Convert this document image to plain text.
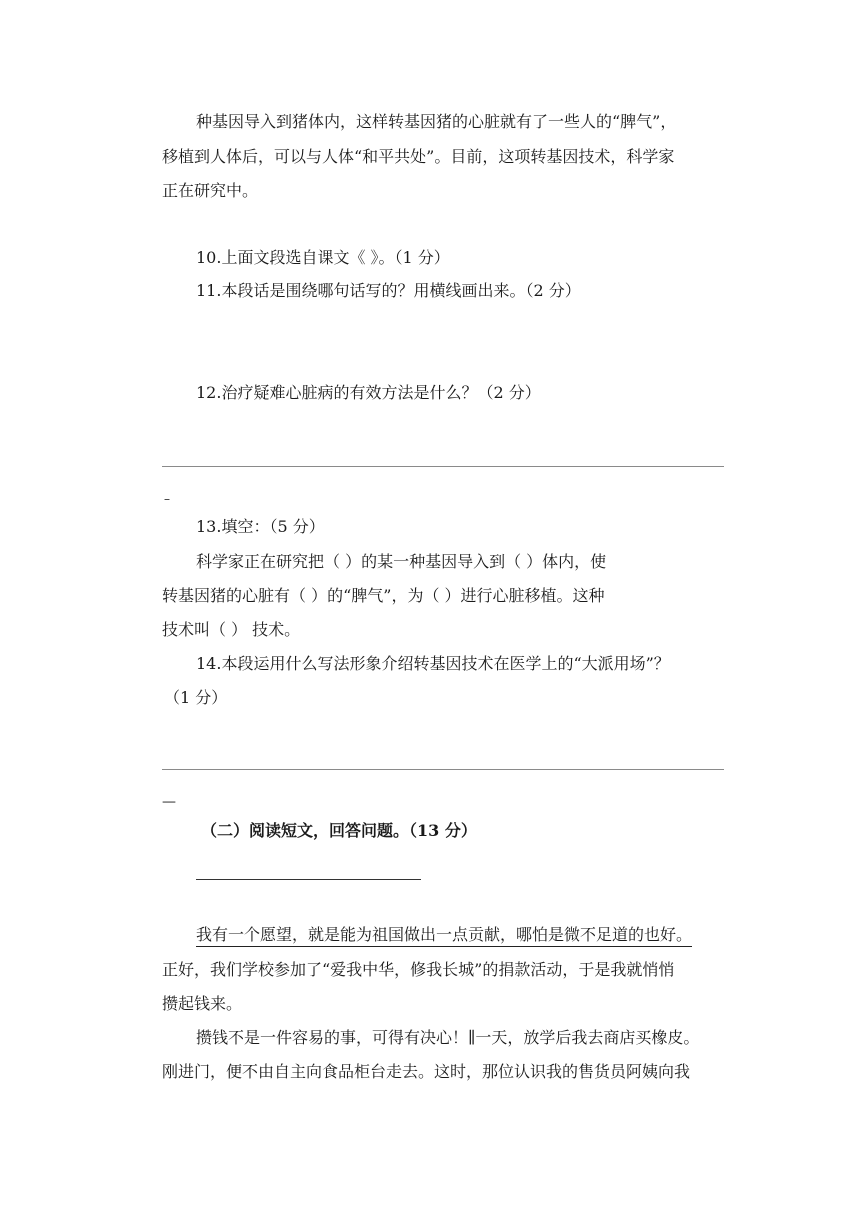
种基因导入到猪体内，这样转基因猪的心脏就有了一些人的“脾气”，
移植到人体后，可以与人体“和平共处”。目前，这项转基因技术，科学家
正在研究中。
10.上面文段选自课文《 》。（1 分）
11.本段话是围绕哪句话写的？用横线画出来。（2 分）
12.治疗疑难心脏病的有效方法是什么？（2 分）
–
13.填空：（5 分）
科学家正在研究把（ ）的某一种基因导入到（ ）体内，使
转基因猪的心脏有（ ）的“脾气”，为（ ）进行心脏移植。这种
技术叫（ ） 技术。
14.本段运用什么写法形象介绍转基因技术在医学上的“大派用场”？
（1 分）
—
（二）阅读短文，回答问题。（13 分）
我有一个愿望，就是能为祖国做出一点贡献，哪怕是微不足道的也好。
正好，我们学校参加了“爱我中华，修我长城”的捐款活动，于是我就悄悄
攒起钱来。
攒钱不是一件容易的事，可得有决心！∥一天，放学后我去商店买橡皮。
刚进门，便不由自主向食品柜台走去。这时，那位认识我的售货员阿姨向我
